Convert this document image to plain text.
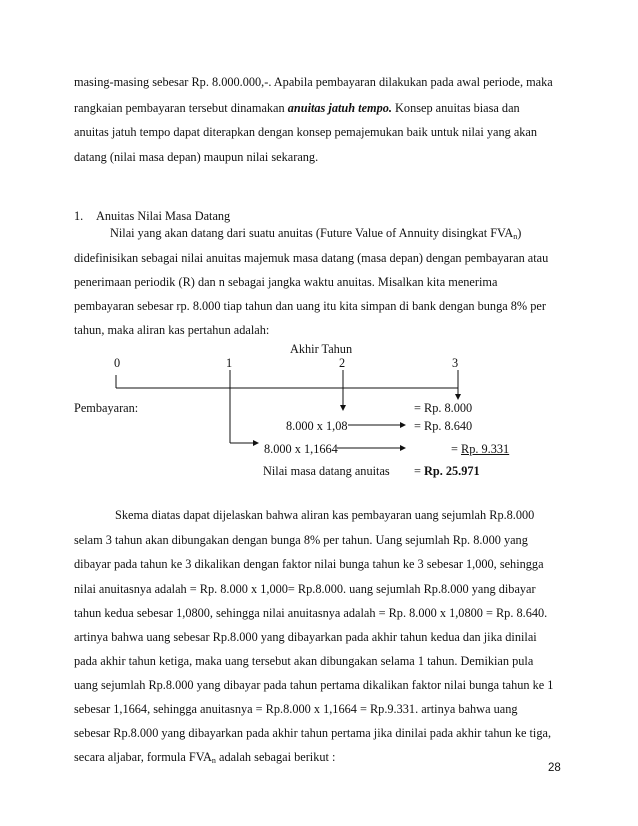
masing-masing sebesar Rp. 8.000.000,-. Apabila pembayaran dilakukan pada awal periode, maka
rangkaian pembayaran tersebut dinamakan anuitas jatuh tempo. Konsep anuitas biasa dan
anuitas jatuh tempo dapat diterapkan dengan konsep pemajemukan baik untuk nilai yang akan
datang (nilai masa depan) maupun nilai sekarang.
1. Anuitas Nilai Masa Datang
Nilai yang akan datang dari suatu anuitas (Future Value of Annuity disingkat $FVA_n$)
didefinisikan sebagai nilai anuitas majemuk masa datang (masa depan) dengan pembayaran atau
penerimaan periodik (R) dan n sebagai jangka waktu anuitas. Misalkan kita menerima
pembayaran sebesar rp. 8.000 tiap tahun dan uang itu kita simpan di bank dengan bunga 8% per
tahun, maka aliran kas pertahun adalah:
Akhir Tahun
0	1	2	3
Pembayaran:	= Rp. 8.000
8.000 x 1,08	= Rp. 8.640
8.000 x 1,1664	= Rp. 9.331
Nilai masa datang anuitas = Rp. 25.971
Skema diatas dapat dijelaskan bahwa aliran kas pembayaran uang sejumlah Rp.8.000
selam 3 tahun akan dibungakan dengan bunga 8% per tahun. Uang sejumlah Rp. 8.000 yang
dibayar pada tahun ke 3 dikalikan dengan faktor nilai bunga tahun ke 3 sebesar 1,000, sehingga
nilai anuitasnya adalah = Rp. 8.000 x 1,000= Rp.8.000. uang sejumlah Rp.8.000 yang dibayar
tahun kedua sebesar 1,0800, sehingga nilai anuitasnya adalah = Rp. 8.000 x 1,0800 = Rp. 8.640.
artinya bahwa uang sebesar Rp.8.000 yang dibayarkan pada akhir tahun kedua dan jika dinilai
pada akhir tahun ketiga, maka uang tersebut akan dibungakan selama 1 tahun. Demikian pula
uang sejumlah Rp.8.000 yang dibayar pada tahun pertama dikalikan faktor nilai bunga tahun ke 1
sebesar 1,1664, sehingga anuitasnya = Rp.8.000 x 1,1664 = Rp.9.331. artinya bahwa uang
sebesar Rp.8.000 yang dibayarkan pada akhir tahun pertama jika dinilai pada akhir tahun ke tiga,
secara aljabar, formula $FVA_n$ adalah sebagai berikut :
28
